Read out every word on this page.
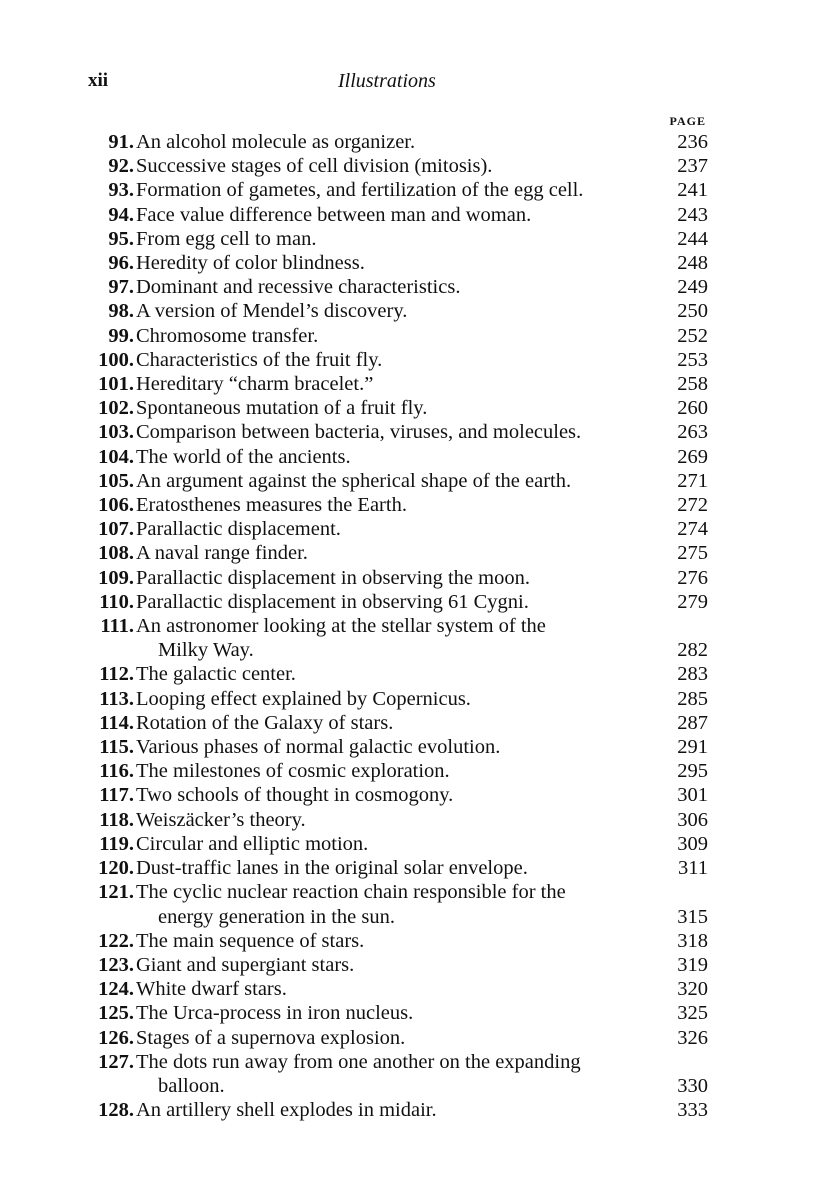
xii	Illustrations
PAGE
91. An alcohol molecule as organizer.	236
92. Successive stages of cell division (mitosis).	237
93. Formation of gametes, and fertilization of the egg cell.	241
94. Face value difference between man and woman.	243
95. From egg cell to man.	244
96. Heredity of color blindness.	248
97. Dominant and recessive characteristics.	249
98. A version of Mendel’s discovery.	250
99. Chromosome transfer.	252
100. Characteristics of the fruit fly.	253
101. Hereditary “charm bracelet.”	258
102. Spontaneous mutation of a fruit fly.	260
103. Comparison between bacteria, viruses, and molecules.	263
104. The world of the ancients.	269
105. An argument against the spherical shape of the earth.	271
106. Eratosthenes measures the Earth.	272
107. Parallactic displacement.	274
108. A naval range finder.	275
109. Parallactic displacement in observing the moon.	276
110. Parallactic displacement in observing 61 Cygni.	279
111. An astronomer looking at the stellar system of the
Milky Way.	282
112. The galactic center.	283
113. Looping effect explained by Copernicus.	285
114. Rotation of the Galaxy of stars.	287
115. Various phases of normal galactic evolution.	291
116. The milestones of cosmic exploration.	295
117. Two schools of thought in cosmogony.	301
118. Weiszäcker’s theory.	306
119. Circular and elliptic motion.	309
120. Dust-traffic lanes in the original solar envelope.	311
121. The cyclic nuclear reaction chain responsible for the
energy generation in the sun.	315
122. The main sequence of stars.	318
123. Giant and supergiant stars.	319
124. White dwarf stars.	320
125. The Urca-process in iron nucleus.	325
126. Stages of a supernova explosion.	326
127. The dots run away from one another on the expanding
balloon.	330
128. An artillery shell explodes in midair.	333
